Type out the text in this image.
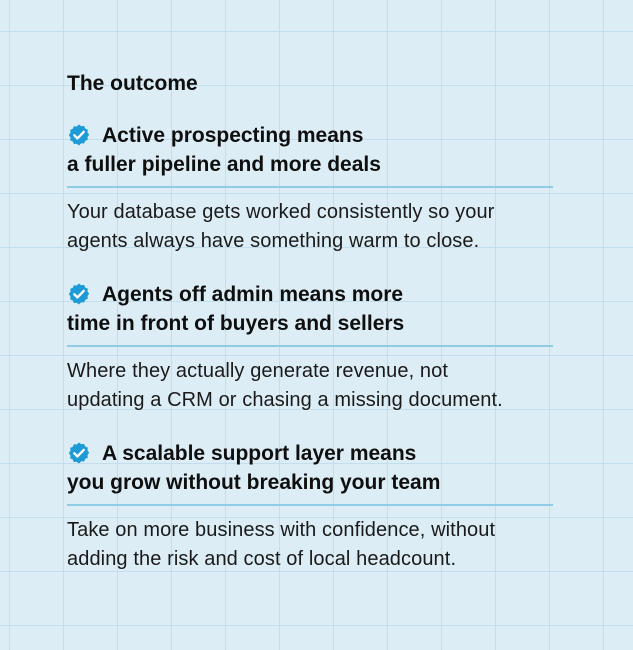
The outcome
Active prospecting means
a fuller pipeline and more deals
Your database gets worked consistently so your
agents always have something warm to close.
Agents off admin means more
time in front of buyers and sellers
Where they actually generate revenue, not
updating a CRM or chasing a missing document.
A scalable support layer means
you grow without breaking your team
Take on more business with confidence, without
adding the risk and cost of local headcount.
